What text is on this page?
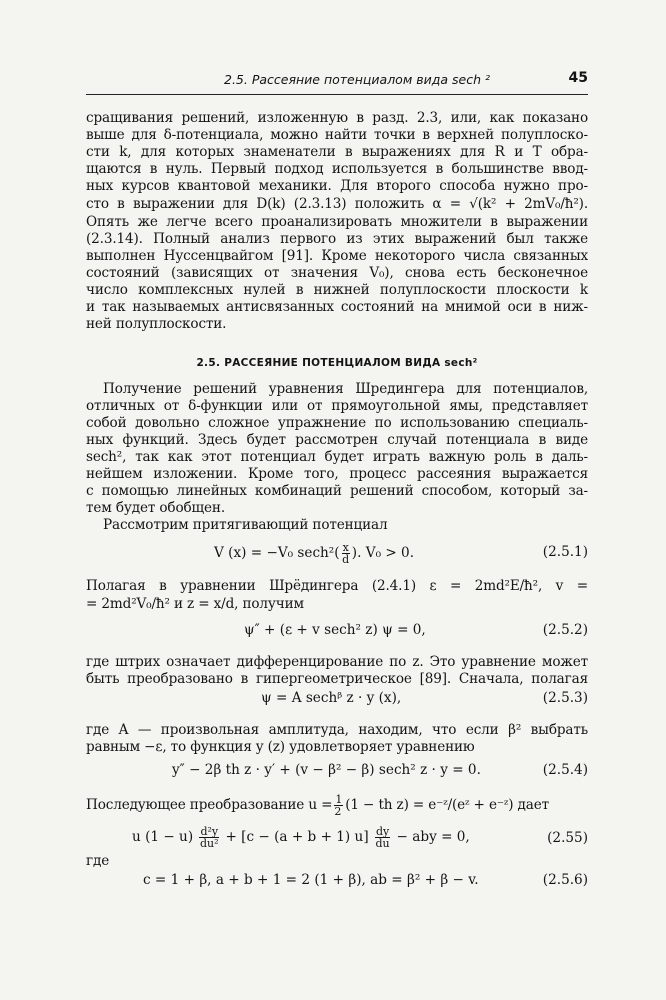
2.5. Рассеяние потенциалом вида sech ²	45
сращивания решений, изложенную в разд. 2.3, или, как показано
выше для δ-потенциала, можно найти точки в верхней полуплоско-
сти k, для которых знаменатели в выражениях для R и T обра-
щаются в нуль. Первый подход используется в большинстве ввод-
ных курсов квантовой механики. Для второго способа нужно про-
сто в выражении для D(k) (2.3.13) положить α = √(k² + 2mV₀/ħ²).
Опять же легче всего проанализировать множители в выражении
(2.3.14). Полный анализ первого из этих выражений был также
выполнен Нуссенцвайгом [91]. Кроме некоторого числа связанных
состояний (зависящих от значения V₀), снова есть бесконечное
число комплексных нулей в нижней полуплоскости плоскости k
и так называемых антисвязанных состояний на мнимой оси в ниж-
ней полуплоскости.
2.5. РАССЕЯНИЕ ПОТЕНЦИАЛОМ ВИДА sech²
Получение решений уравнения Шредингера для потенциалов,
отличных от δ-функции или от прямоугольной ямы, представляет
собой довольно сложное упражнение по использованию специаль-
ных функций. Здесь будет рассмотрен случай потенциала в виде
sech², так как этот потенциал будет играть важную роль в даль-
нейшем изложении. Кроме того, процесс рассеяния выражается
с помощью линейных комбинаций решений способом, который за-
тем будет обобщен.
Рассмотрим притягивающий потенциал
V (x) = −V₀ $\sec h^2( \frac{x}{d}$ ). V₀ > 0.	(2.5.1)
Полагая в уравнении Шрёдингера (2.4.1) ε = 2md²E/ħ², v =
= 2md²V₀/ħ² и z = x/d, получим
ψ″ + (ε + v sech² z) ψ = 0,	(2.5.2)
где штрих означает дифференцирование по z. Это уравнение может
быть преобразовано в гипергеометрическое [89]. Сначала, полагая
ψ = A sechᵝ z · y (x),	(2.5.3)
где A — произвольная амплитуда, находим, что если β² выбрать
равным −ε, то функция y (z) удовлетворяет уравнению
y″ − 2β th z · y′ + (v − β² − β) sech² z · y = 0.	(2.5.4)
Последующее преобразование $u = \frac{1}{2} (1$ − th z) = e⁻ᶻ/(eᶻ + e⁻ᶻ) дает
u $(1 - u) \frac{\text{d²y}}{\text{du²}} + [c - (a + b + 1)$ $u] \frac{dy}{du}$ − aby = 0,	(2.55)
где
c = 1 + β, a + b + 1 = 2 (1 + β), ab = β² + β − v.	(2.5.6)
